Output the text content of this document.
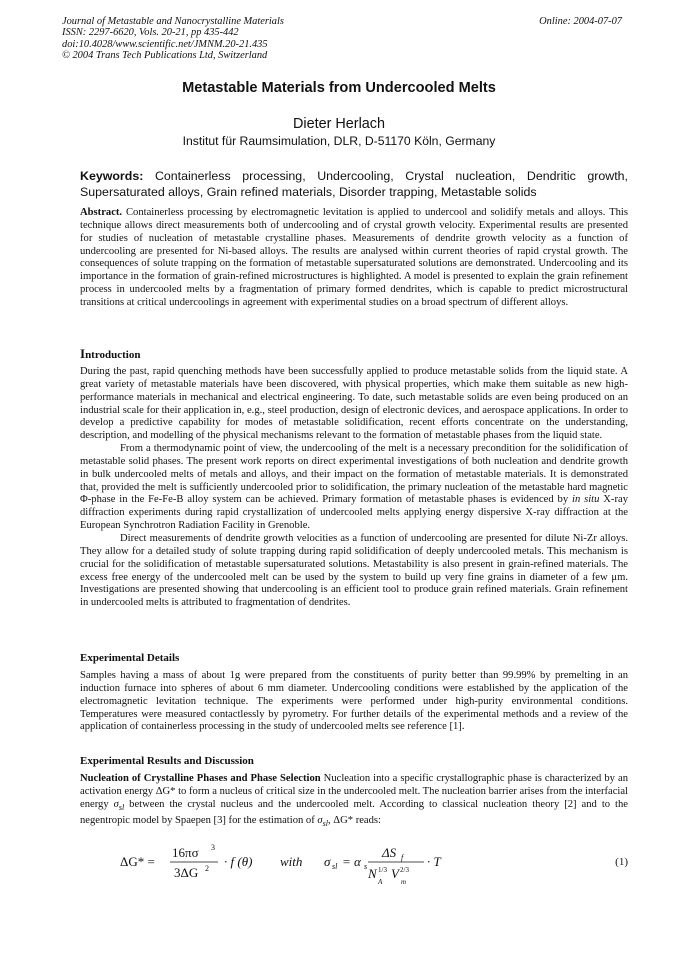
Journal of Metastable and Nanocrystalline Materials
ISSN: 2297-6620, Vols. 20-21, pp 435-442
doi:10.4028/www.scientific.net/JMNM.20-21.435
© 2004 Trans Tech Publications Ltd, Switzerland
Online: 2004-07-07
Metastable Materials from Undercooled Melts
Dieter Herlach
Institut für Raumsimulation, DLR, D-51170 Köln, Germany
Keywords: Containerless processing, Undercooling, Crystal nucleation, Dendritic growth, Supersaturated alloys, Grain refined materials, Disorder trapping, Metastable solids

Abstract. Containerless processing by electromagnetic levitation is applied to undercool and solidify metals and alloys. This technique allows direct measurements both of undercooling and of crystal growth velocity. Experimental results are presented for studies of nucleation of metastable crystalline phases. Measurements of dendrite growth velocity as a function of undercooling are presented for Ni-based alloys. The results are analysed within current theories of rapid crystal growth. The consequences of solute trapping on the formation of metastable supersaturated solutions are demonstrated. Undercooling and its importance in the formation of grain-refined microstructures is highlighted. A model is presented to explain the grain refinement process in undercooled melts by a fragmentation of primary formed dendrites, which is capable to predict microstructural transitions at critical undercoolings in agreement with experimental studies on a broad spectrum of different alloys.

Introduction

During the past, rapid quenching methods have been successfully applied to produce metastable solids from the liquid state. A great variety of metastable materials have been discovered, with physical properties, which make them suitable as new high-performance materials in mechanical and electrical engineering. To date, such metastable solids are even being produced on an industrial scale for their application in, e.g., steel production, design of electronic devices, and aerospace applications. In order to develop a predictive capability for modes of metastable solidification, recent efforts concentrate on the understanding, description, and modelling of the physical mechanisms relevant to the formation of metastable phases from the liquid state.

From a thermodynamic point of view, the undercooling of the melt is a necessary precondition for the solidification of metastable solid phases. The present work reports on direct experimental investigations of both nucleation and dendrite growth in bulk undercooled melts of metals and alloys, and their impact on the formation of metastable materials. It is demonstrated that, provided the melt is sufficiently undercooled prior to solidification, the primary nucleation of the metastable hard magnetic Φ-phase in the Fe-Fe-B alloy system can be achieved. Primary formation of metastable phases is evidenced by in situ X-ray diffraction experiments during rapid crystallization of undercooled melts applying energy dispersive X-ray diffraction at the European Synchrotron Radiation Facility in Grenoble.

Direct measurements of dendrite growth velocities as a function of undercooling are presented for dilute Ni-Zr alloys. They allow for a detailed study of solute trapping during rapid solidification of deeply undercooled metals. This mechanism is crucial for the solidification of metastable supersaturated solutions. Metastability is also present in grain-refined materials. The excess free energy of the undercooled melt can be used by the system to build up very fine grains in diameter of a few μm. Investigations are presented showing that undercooling is an efficient tool to produce grain refined materials. Grain refinement in undercooled melts is attributed to fragmentation of dendrites.

Experimental Details

Samples having a mass of about 1g were prepared from the constituents of purity better than 99.99% by premelting in an induction furnace into spheres of about 6 mm diameter. Undercooling conditions were established by the application of the electromagnetic levitation technique. The experiments were performed under high-purity environmental conditions. Temperatures were measured contactlessly by pyrometry. For further details of the experimental methods and a review of the application of containerless processing in the study of undercooled melts see reference [1].

Experimental Results and Discussion

Nucleation of Crystalline Phases and Phase Selection Nucleation into a specific crystallographic phase is characterized by an activation energy ΔG* to form a nucleus of critical size in the undercooled melt. The nucleation barrier arises from the interfacial energy $\sigma_{sl}$ between the crystal nucleus and the undercooled melt. According to classical nucleation theory [2] and to the negentropic model by Spaepen [3] for the estimation of $\sigma_{sl}$, ΔG* reads:

ΔG* =
16πσ 3
3ΔG 2 · f (θ) with σ sl = α s
ΔS f
N 1/3
A
V 2/3
m
· T	(1)
